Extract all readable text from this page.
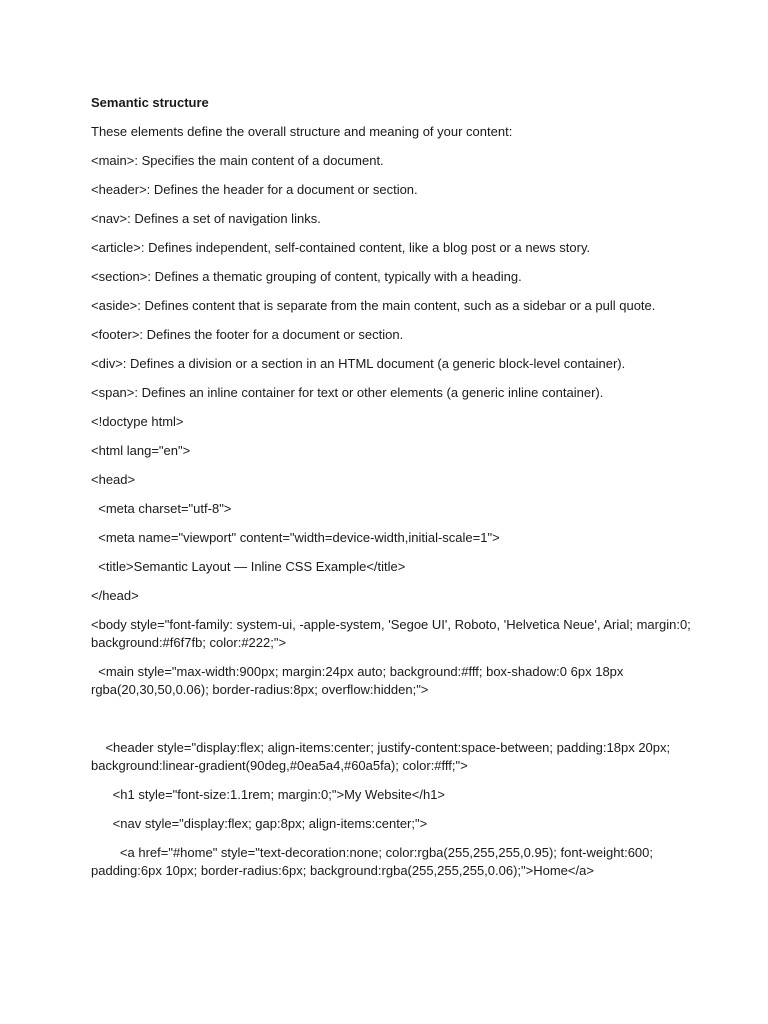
Semantic structure

These elements define the overall structure and meaning of your content:

<main>: Specifies the main content of a document.

<header>: Defines the header for a document or section.

<nav>: Defines a set of navigation links.

<article>: Defines independent, self-contained content, like a blog post or a news story.

<section>: Defines a thematic grouping of content, typically with a heading.

<aside>: Defines content that is separate from the main content, such as a sidebar or a pull quote.

<footer>: Defines the footer for a document or section.

<div>: Defines a division or a section in an HTML document (a generic block-level container).

<span>: Defines an inline container for text or other elements (a generic inline container).

<!doctype html>

<html lang="en">

<head>

<meta charset="utf-8">

<meta name="viewport" content="width=device-width,initial-scale=1">

<title>Semantic Layout — Inline CSS Example</title>

</head>

<body style="font-family: system-ui, -apple-system, 'Segoe UI', Roboto, 'Helvetica Neue', Arial; margin:0; background:#f6f7fb; color:#222;">

<main style="max-width:900px; margin:24px auto; background:#fff; box-shadow:0 6px 18px rgba(20,30,50,0.06); border-radius:8px; overflow:hidden;">

<header style="display:flex; align-items:center; justify-content:space-between; padding:18px 20px; background:linear-gradient(90deg,#0ea5a4,#60a5fa); color:#fff;">

<h1 style="font-size:1.1rem; margin:0;">My Website</h1>

<nav style="display:flex; gap:8px; align-items:center;">

<a href="#home" style="text-decoration:none; color:rgba(255,255,255,0.95); font-weight:600; padding:6px 10px; border-radius:6px; background:rgba(255,255,255,0.06);">Home</a>
